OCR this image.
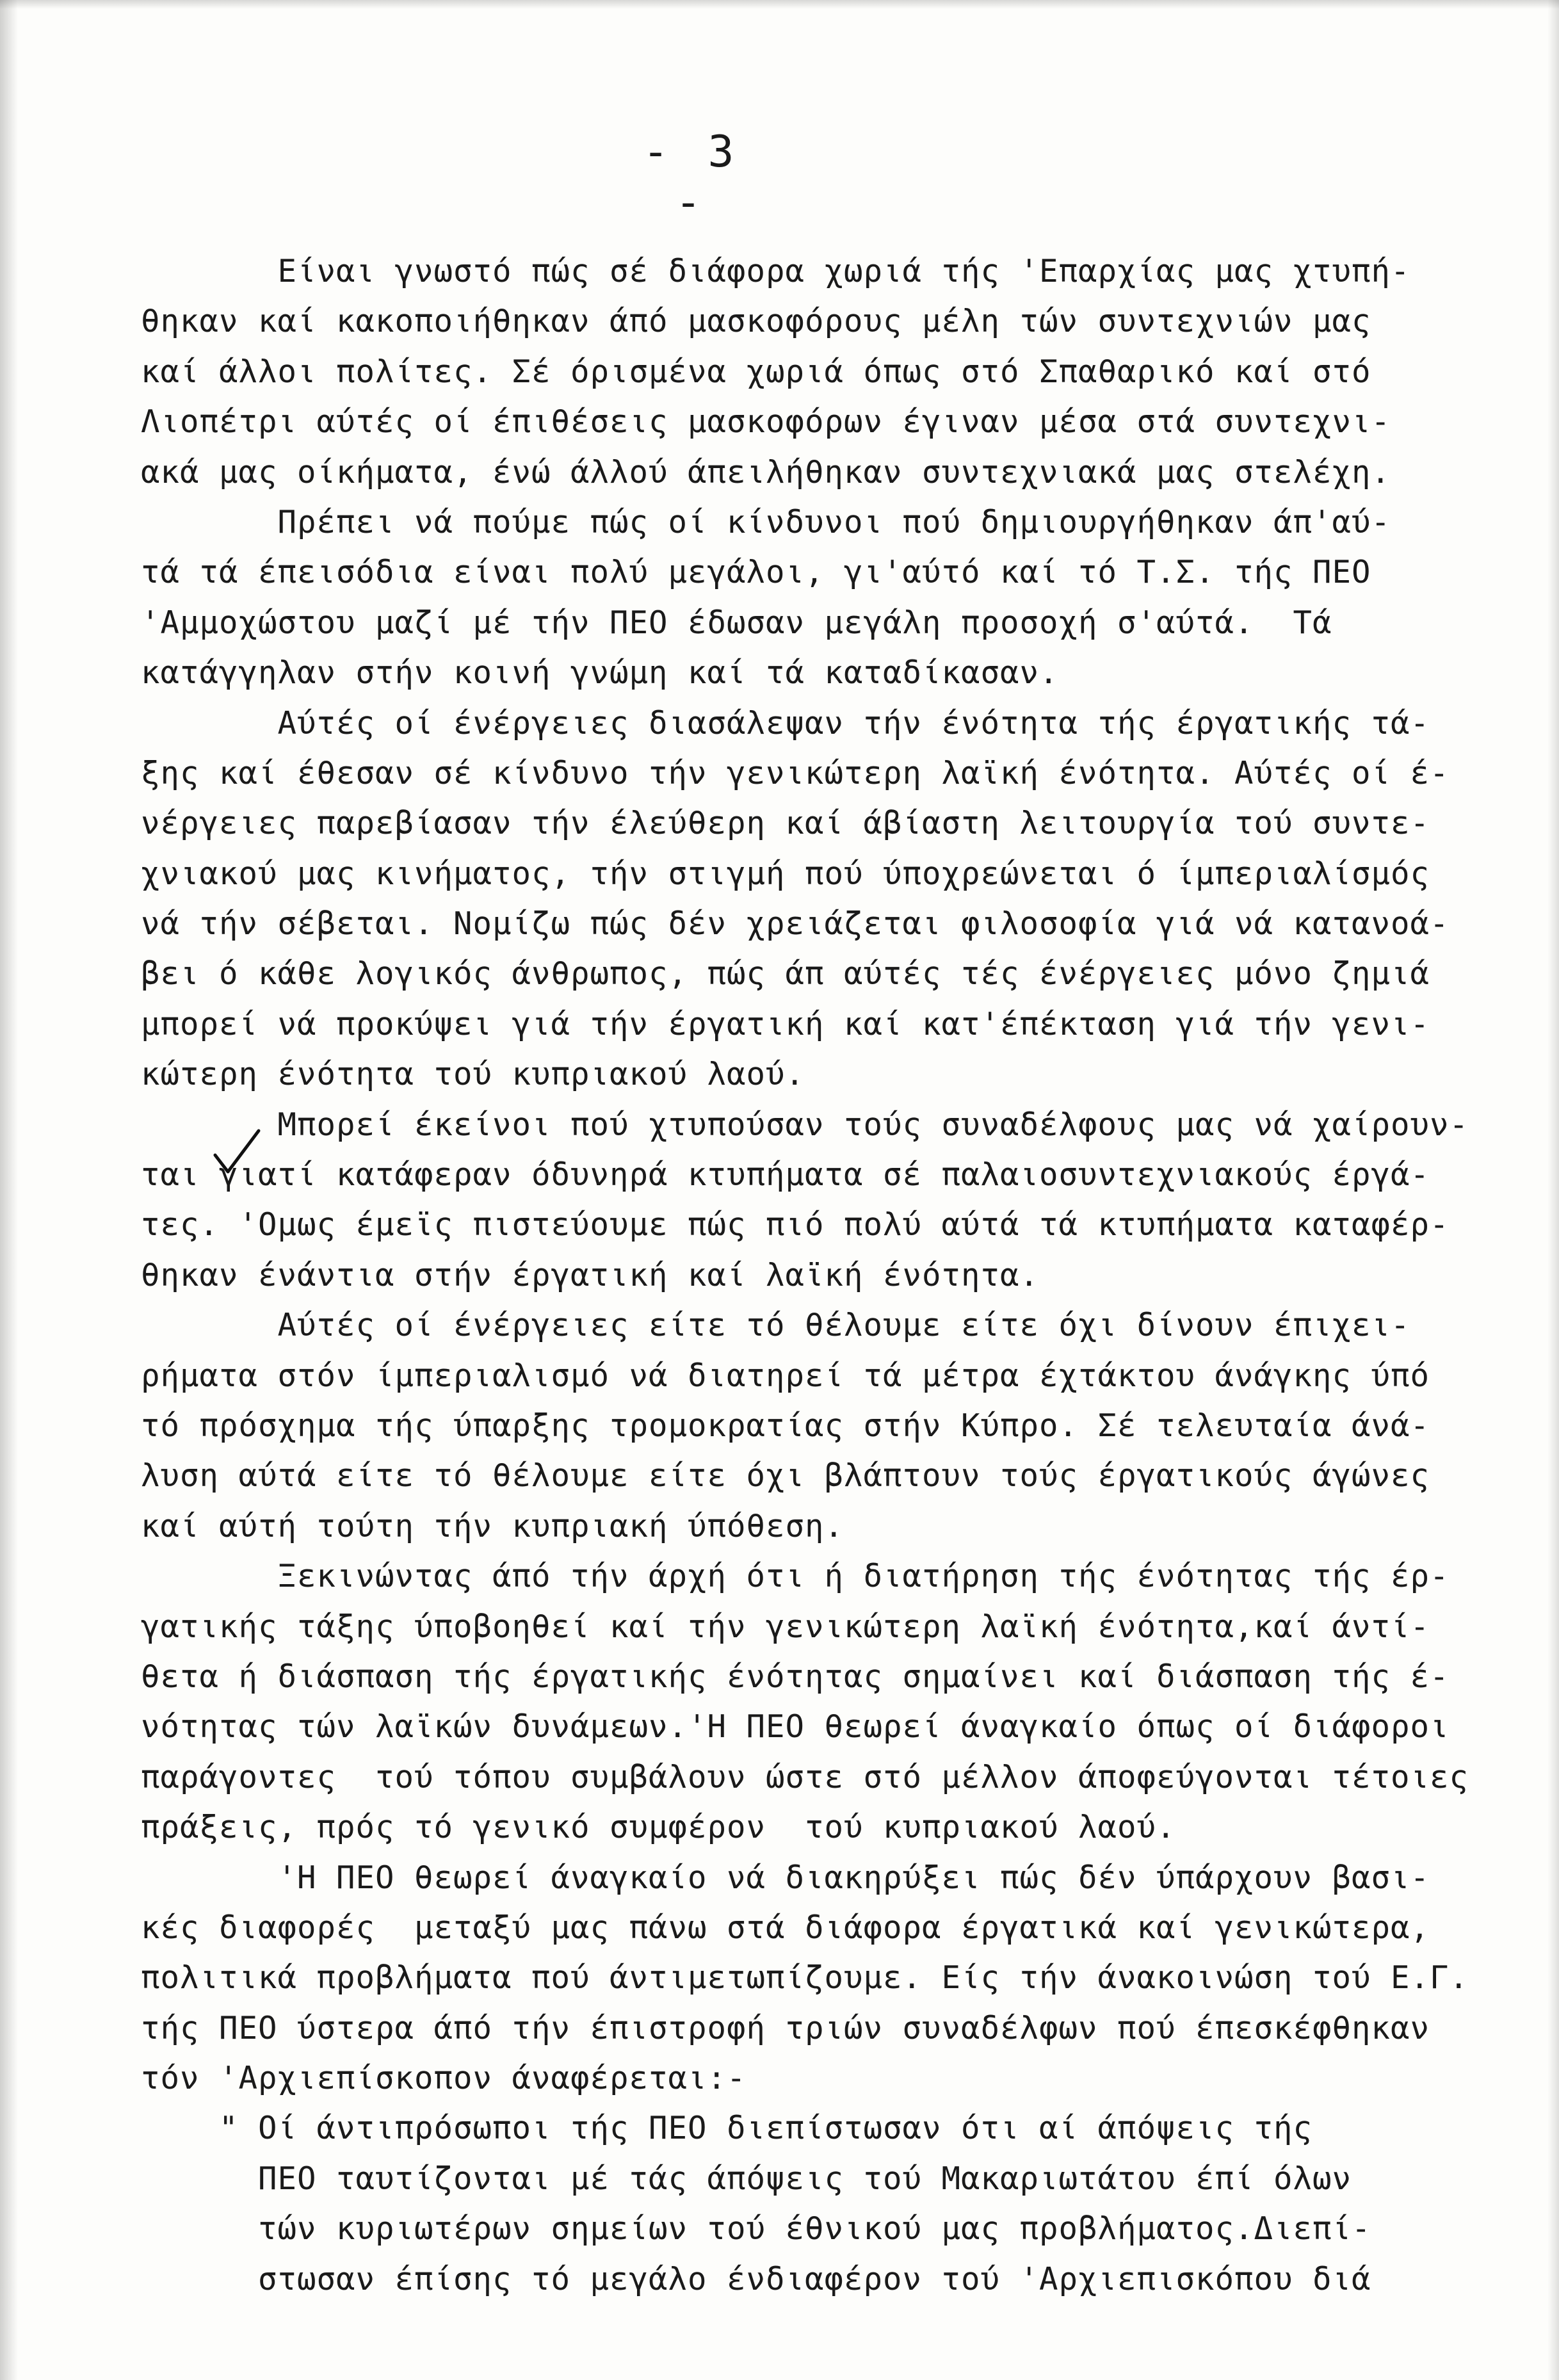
- 3 -
Είναι γνωστό πώς σέ διάφορα χωριά τής 'Επαρχίας μας χτυπή-
θηκαν καί κακοποιήθηκαν άπό μασκοφόρους μέλη τών συντεχνιών μας
καί άλλοι πολίτες. Σέ όρισμένα χωριά όπως στό Σπαθαρικό καί στό
Λιοπέτρι αύτές οί έπιθέσεις μασκοφόρων έγιναν μέσα στά συντεχνι-
ακά μας οίκήματα, ένώ άλλού άπειλήθηκαν συντεχνιακά μας στελέχη.
Πρέπει νά πούμε πώς οί κίνδυνοι πού δημιουργήθηκαν άπ'αύ-
τά τά έπεισόδια είναι πολύ μεγάλοι, γι'αύτό καί τό Τ.Σ. τής ΠΕΟ
'Αμμοχώστου μαζί μέ τήν ΠΕΟ έδωσαν μεγάλη προσοχή σ'αύτά.  Τά
κατάγγηλαν στήν κοινή γνώμη καί τά καταδίκασαν.
Αύτές οί ένέργειες διασάλεψαν τήν ένότητα τής έργατικής τά-
ξης καί έθεσαν σέ κίνδυνο τήν γενικώτερη λαϊκή ένότητα. Αύτές οί έ-
νέργειες παρεβίασαν τήν έλεύθερη καί άβίαστη λειτουργία τού συντε-
χνιακού μας κινήματος, τήν στιγμή πού ύποχρεώνεται ό ίμπεριαλίσμός
νά τήν σέβεται. Νομίζω πώς δέν χρειάζεται φιλοσοφία γιά νά κατανοά-
βει ό κάθε λογικός άνθρωπος, πώς άπ αύτές τές ένέργειες μόνο ζημιά
μπορεί νά προκύψει γιά τήν έργατική καί κατ'έπέκταση γιά τήν γενι-
κώτερη ένότητα τού κυπριακού λαού.
Μπορεί έκείνοι πού χτυπούσαν τούς συναδέλφους μας νά χαίρουν-
ται γιατί κατάφεραν όδυνηρά κτυπήματα σέ παλαιοσυντεχνιακούς έργά-
τες. 'Ομως έμεϊς πιστεύουμε πώς πιό πολύ αύτά τά κτυπήματα καταφέρ-
θηκαν ένάντια στήν έργατική καί λαϊκή ένότητα.
Αύτές οί ένέργειες είτε τό θέλουμε είτε όχι δίνουν έπιχει-
ρήματα στόν ίμπεριαλισμό νά διατηρεί τά μέτρα έχτάκτου άνάγκης ύπό
τό πρόσχημα τής ύπαρξης τρομοκρατίας στήν Κύπρο. Σέ τελευταία άνά-
λυση αύτά είτε τό θέλουμε είτε όχι βλάπτουν τούς έργατικούς άγώνες
καί αύτή τούτη τήν κυπριακή ύπόθεση.
Ξεκινώντας άπό τήν άρχή ότι ή διατήρηση τής ένότητας τής έρ-
γατικής τάξης ύποβοηθεί καί τήν γενικώτερη λαϊκή ένότητα,καί άντί-
θετα ή διάσπαση τής έργατικής ένότητας σημαίνει καί διάσπαση τής έ-
νότητας τών λαϊκών δυνάμεων.'Η ΠΕΟ θεωρεί άναγκαίο όπως οί διάφοροι
παράγοντες  τού τόπου συμβάλουν ώστε στό μέλλον άποφεύγονται τέτοιες
πράξεις, πρός τό γενικό συμφέρον  τού κυπριακού λαού.
'Η ΠΕΟ θεωρεί άναγκαίο νά διακηρύξει πώς δέν ύπάρχουν βασι-
κές διαφορές  μεταξύ μας πάνω στά διάφορα έργατικά καί γενικώτερα,
πολιτικά προβλήματα πού άντιμετωπίζουμε. Είς τήν άνακοινώση τού Ε.Γ.
τής ΠΕΟ ύστερα άπό τήν έπιστροφή τριών συναδέλφων πού έπεσκέφθηκαν
τόν 'Αρχιεπίσκοπον άναφέρεται:-
" Οί άντιπρόσωποι τής ΠΕΟ διεπίστωσαν ότι αί άπόψεις τής
ΠΕΟ ταυτίζονται μέ τάς άπόψεις τού Μακαριωτάτου έπί όλων
τών κυριωτέρων σημείων τού έθνικού μας προβλήματος.Διεπί-
στωσαν έπίσης τό μεγάλο ένδιαφέρον τού 'Αρχιεπισκόπου διά
